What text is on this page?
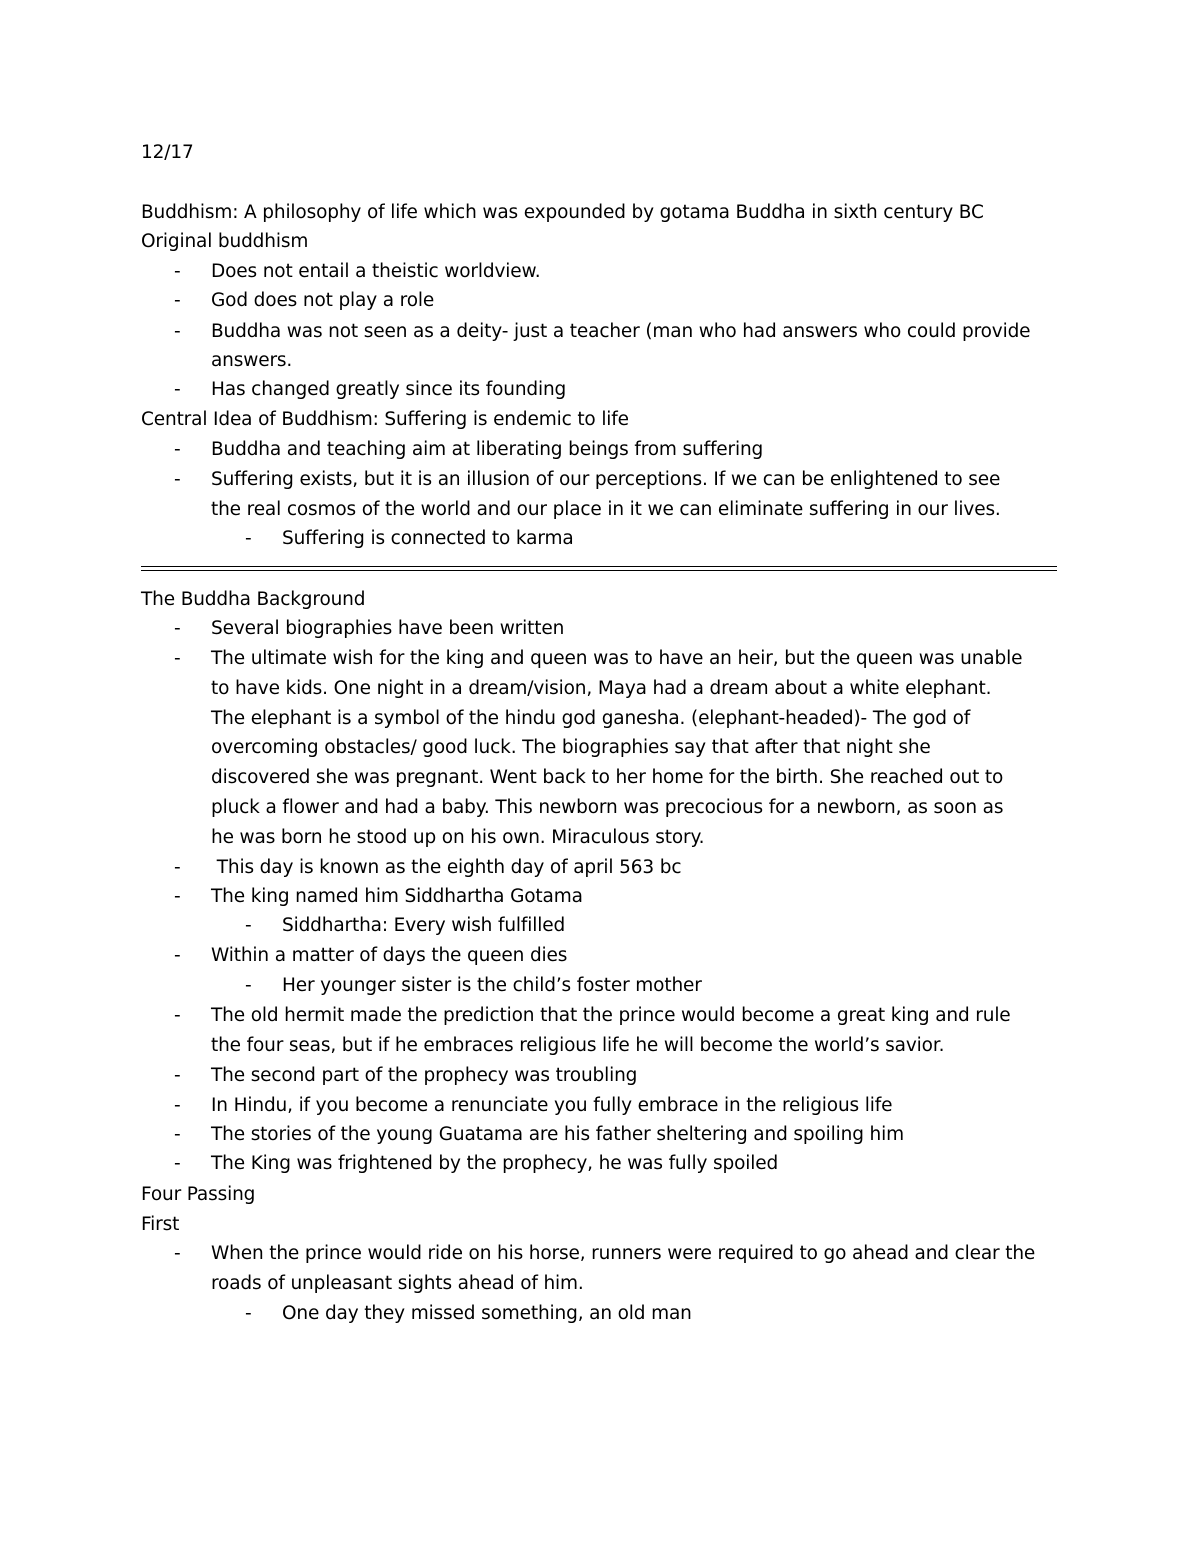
12/17
Buddhism: A philosophy of life which was expounded by gotama Buddha in sixth century BC
Original buddhism
- Does not entail a theistic worldview.
- God does not play a role
- Buddha was not seen as a deity- just a teacher (man who had answers who could provide
answers.
- Has changed greatly since its founding
Central Idea of Buddhism: Suffering is endemic to life
- Buddha and teaching aim at liberating beings from suffering
- Suffering exists, but it is an illusion of our perceptions. If we can be enlightened to see
the real cosmos of the world and our place in it we can eliminate suffering in our lives.
- Suffering is connected to karma
The Buddha Background
- Several biographies have been written
- The ultimate wish for the king and queen was to have an heir, but the queen was unable
to have kids. One night in a dream/vision, Maya had a dream about a white elephant.
The elephant is a symbol of the hindu god ganesha. (elephant-headed)- The god of
overcoming obstacles/ good luck. The biographies say that after that night she
discovered she was pregnant. Went back to her home for the birth. She reached out to
pluck a flower and had a baby. This newborn was precocious for a newborn, as soon as
he was born he stood up on his own. Miraculous story.
- This day is known as the eighth day of april 563 bc
- The king named him Siddhartha Gotama
- Siddhartha: Every wish fulfilled
- Within a matter of days the queen dies
- Her younger sister is the child’s foster mother
- The old hermit made the prediction that the prince would become a great king and rule
the four seas, but if he embraces religious life he will become the world’s savior.
- The second part of the prophecy was troubling
- In Hindu, if you become a renunciate you fully embrace in the religious life
- The stories of the young Guatama are his father sheltering and spoiling him
- The King was frightened by the prophecy, he was fully spoiled
Four Passing
First
- When the prince would ride on his horse, runners were required to go ahead and clear the
roads of unpleasant sights ahead of him.
- One day they missed something, an old man
